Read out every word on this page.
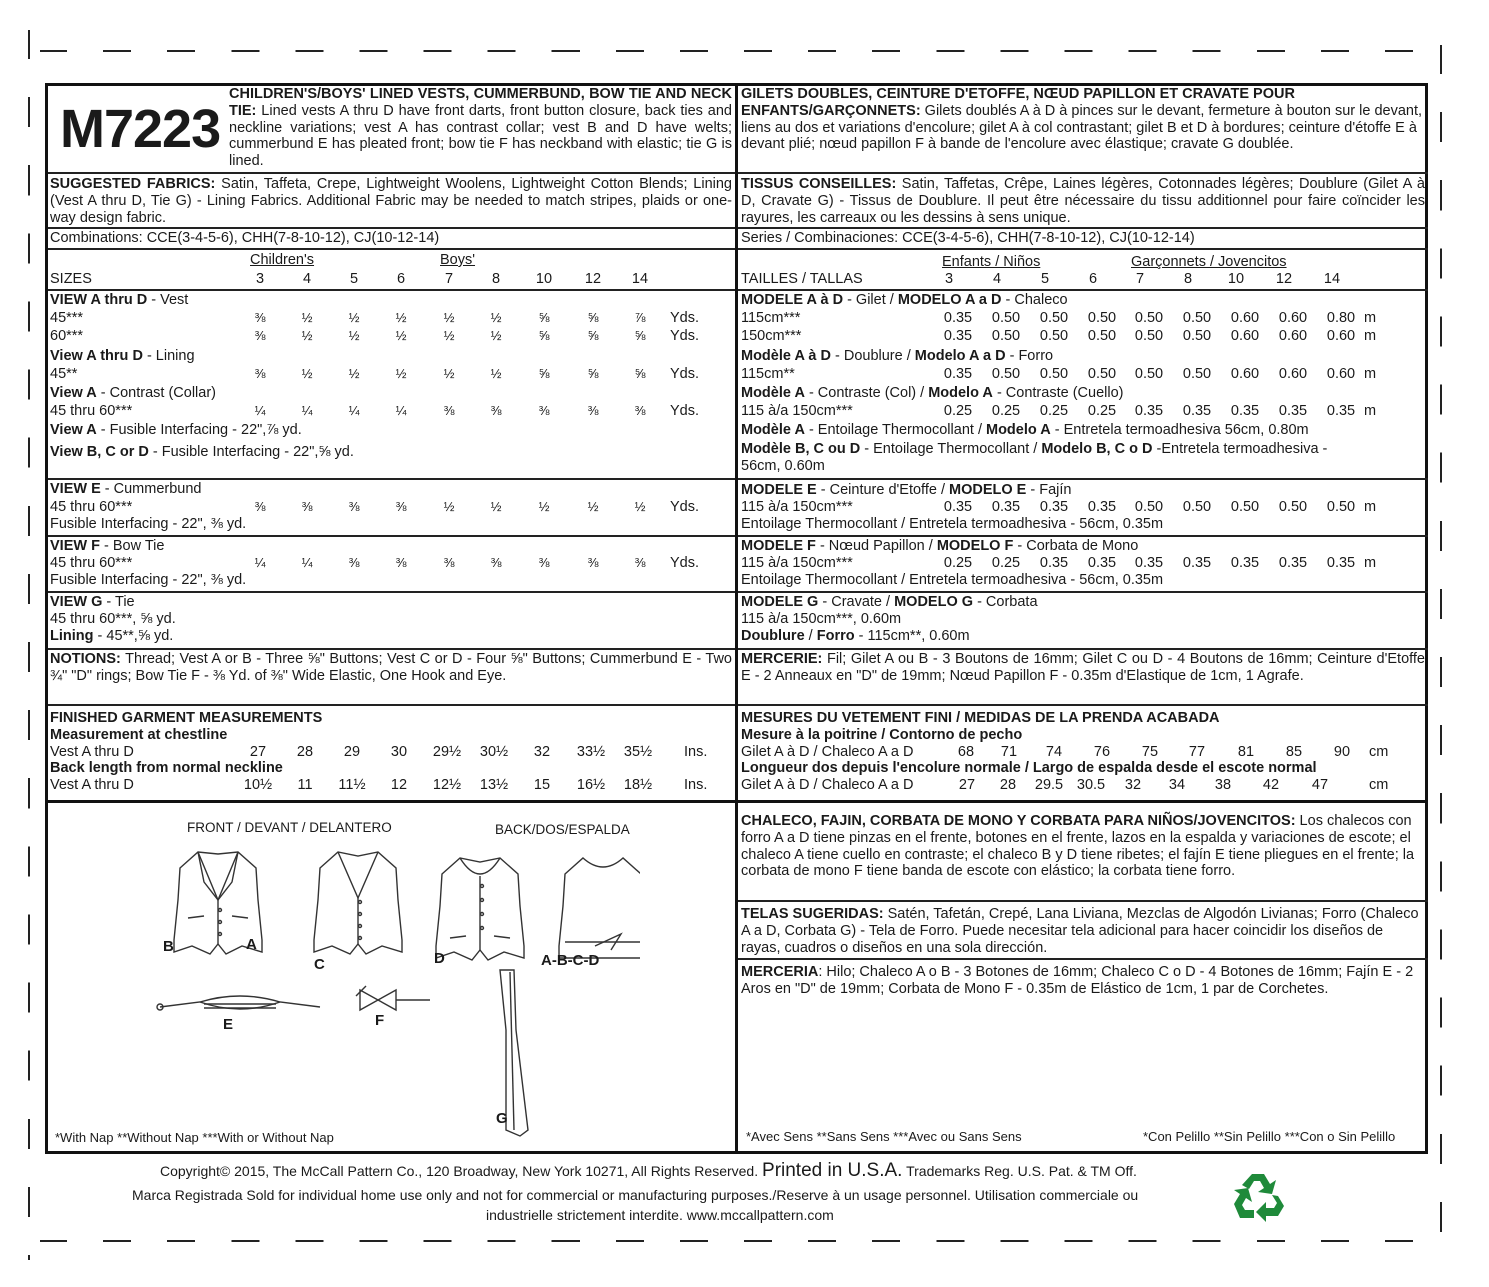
M7223
CHILDREN'S/BOYS' LINED VESTS, CUMMERBUND, BOW TIE AND NECK TIE: Lined vests A thru D have front darts, front button closure, back ties and neckline variations; vest A has contrast collar; vest B and D have welts; cummerbund E has pleated front; bow tie F has neckband with elastic; tie G is lined.
SUGGESTED FABRICS: Satin, Taffeta, Crepe, Lightweight Woolens, Lightweight Cotton Blends; Lining (Vest A thru D, Tie G) - Lining Fabrics. Additional Fabric may be needed to match stripes, plaids or one-way design fabric.
Combinations: CCE(3-4-5-6), CHH(7-8-10-12), CJ(10-12-14)
Children's	Boys'
SIZES	3	4	5	6	7	8	10	12	14
VIEW A thru D - Vest
45***	⅜	½	½	½	½	½	⅝	⅝	⅞	Yds.
60***	⅜	½	½	½	½	½	⅝	⅝	⅝	Yds.
View A thru D - Lining
45**	⅜	½	½	½	½	½	⅝	⅝	⅝	Yds.
View A - Contrast (Collar)
45 thru 60***	¼	¼	¼	¼	⅜	⅜	⅜	⅜	⅜	Yds.
View A - Fusible Interfacing - 22",⅞ yd.
View B, C or D - Fusible Interfacing - 22",⅝ yd.
VIEW E - Cummerbund
45 thru 60***	⅜	⅜	⅜	⅜	½	½	½	½	½	Yds.
Fusible Interfacing - 22", ⅜ yd.
VIEW F - Bow Tie
45 thru 60***	¼	¼	⅜	⅜	⅜	⅜	⅜	⅜	⅜	Yds.
Fusible Interfacing - 22", ⅜ yd.
VIEW G - Tie
45 thru 60***, ⅝ yd.
Lining - 45**,⅝ yd.
NOTIONS: Thread; Vest A or B - Three ⅝" Buttons; Vest C or D - Four ⅝" Buttons; Cummerbund E - Two ¾" "D" rings; Bow Tie F - ⅜ Yd. of ⅜" Wide Elastic, One Hook and Eye.
FINISHED GARMENT MEASUREMENTS
Measurement at chestline
Vest A thru D	27	28	29	30	29½	30½	32	33½	35½	Ins.
Back length from normal neckline
Vest A thru D	10½	11	11½	12	12½	13½	15	16½	18½	Ins.
FRONT / DEVANT / DELANTERO	BACK/DOS/ESPALDA
B	A
C	D	A-B-C-D
E	F
G
*With Nap **Without Nap ***With or Without Nap
GILETS DOUBLES, CEINTURE D'ETOFFE, NŒUD PAPILLON ET CRAVATE POUR ENFANTS/GARÇONNETS: Gilets doublés A à D à pinces sur le devant, fermeture à bouton sur le devant, liens au dos et variations d'encolure; gilet A à col contrastant; gilet B et D à bordures; ceinture d'étoffe E à devant plié; nœud papillon F à bande de l'encolure avec élastique; cravate G doublée.
TISSUS CONSEILLES: Satin, Taffetas, Crêpe, Laines légères, Cotonnades légères; Doublure (Gilet A à D, Cravate G) - Tissus de Doublure. Il peut être nécessaire du tissu additionnel pour faire coïncider les rayures, les carreaux ou les dessins à sens unique.
Series / Combinaciones: CCE(3-4-5-6), CHH(7-8-10-12), CJ(10-12-14)
Enfants / Niños	Garçonnets / Jovencitos
TAILLES / TALLAS	3	4	5	6	7	8	10	12	14
MODELE A à D - Gilet / MODELO A a D - Chaleco
115cm***	0.35	0.50	0.50	0.50	0.50	0.50	0.60	0.60	0.80 m
150cm***	0.35	0.50	0.50	0.50	0.50	0.50	0.60	0.60	0.60 m
Modèle A à D - Doublure / Modelo A a D - Forro
115cm**	0.35	0.50	0.50	0.50	0.50	0.50	0.60	0.60	0.60 m
Modèle A - Contraste (Col) / Modelo A - Contraste (Cuello)
115 à/a 150cm***	0.25	0.25	0.25	0.25	0.35	0.35	0.35	0.35	0.35 m
Modèle A - Entoilage Thermocollant / Modelo A - Entretela termoadhesiva 56cm, 0.80m
Modèle B, C ou D - Entoilage Thermocollant / Modelo B, C o D -Entretela termoadhesiva -
56cm, 0.60m
MODELE E - Ceinture d'Etoffe / MODELO E - Fajín
115 à/a 150cm***	0.35	0.35	0.35	0.35	0.50	0.50	0.50	0.50	0.50 m
Entoilage Thermocollant / Entretela termoadhesiva - 56cm, 0.35m
MODELE F - Nœud Papillon / MODELO F - Corbata de Mono
115 à/a 150cm***	0.25	0.25	0.35	0.35	0.35	0.35	0.35	0.35	0.35 m
Entoilage Thermocollant / Entretela termoadhesiva - 56cm, 0.35m
MODELE G - Cravate / MODELO G - Corbata
115 à/a 150cm***, 0.60m
Doublure / Forro - 115cm**, 0.60m
MERCERIE: Fil; Gilet A ou B - 3 Boutons de 16mm; Gilet C ou D - 4 Boutons de 16mm; Ceinture d'Etoffe E - 2 Anneaux en "D" de 19mm; Nœud Papillon F - 0.35m d'Elastique de 1cm, 1 Agrafe.
MESURES DU VETEMENT FINI / MEDIDAS DE LA PRENDA ACABADA
Mesure à la poitrine / Contorno de pecho
Gilet A à D / Chaleco A a D	68	71	74	76	75	77	81	85	90	cm
Longueur dos depuis l'encolure normale / Largo de espalda desde el escote normal
Gilet A à D / Chaleco A a D	27	28	29.5 30.5	32	34	38	42	47	cm
CHALECO, FAJIN, CORBATA DE MONO Y CORBATA PARA NIÑOS/JOVENCITOS: Los chalecos con forro A a D tiene pinzas en el frente, botones en el frente, lazos en la espalda y variaciones de escote; el chaleco A tiene cuello en contraste; el chaleco B y D tiene ribetes; el fajín E tiene pliegues en el frente; la corbata de mono F tiene banda de escote con elástico; la corbata tiene forro.
TELAS SUGERIDAS: Satén, Tafetán, Crepé, Lana Liviana, Mezclas de Algodón Livianas; Forro (Chaleco A a D, Corbata G) - Tela de Forro. Puede necesitar tela adicional para hacer coincidir los diseños de rayas, cuadros o diseños en una sola dirección.
MERCERIA: Hilo; Chaleco A o B - 3 Botones de 16mm; Chaleco C o D - 4 Botones de 16mm; Fajín E - 2 Aros en "D" de 19mm; Corbata de Mono F - 0.35m de Elástico de 1cm, 1 par de Corchetes.
*Avec Sens **Sans Sens ***Avec ou Sans Sens	*Con Pelillo **Sin Pelillo ***Con o Sin Pelillo
Copyright© 2015, The McCall Pattern Co., 120 Broadway, New York 10271, All Rights Reserved. Printed in U.S.A. Trademarks Reg. U.S. Pat. & TM Off.
Marca Registrada Sold for individual home use only and not for commercial or manufacturing purposes./Reserve à un usage personnel. Utilisation commerciale ou
industrielle strictement interdite. www.mccallpattern.com
